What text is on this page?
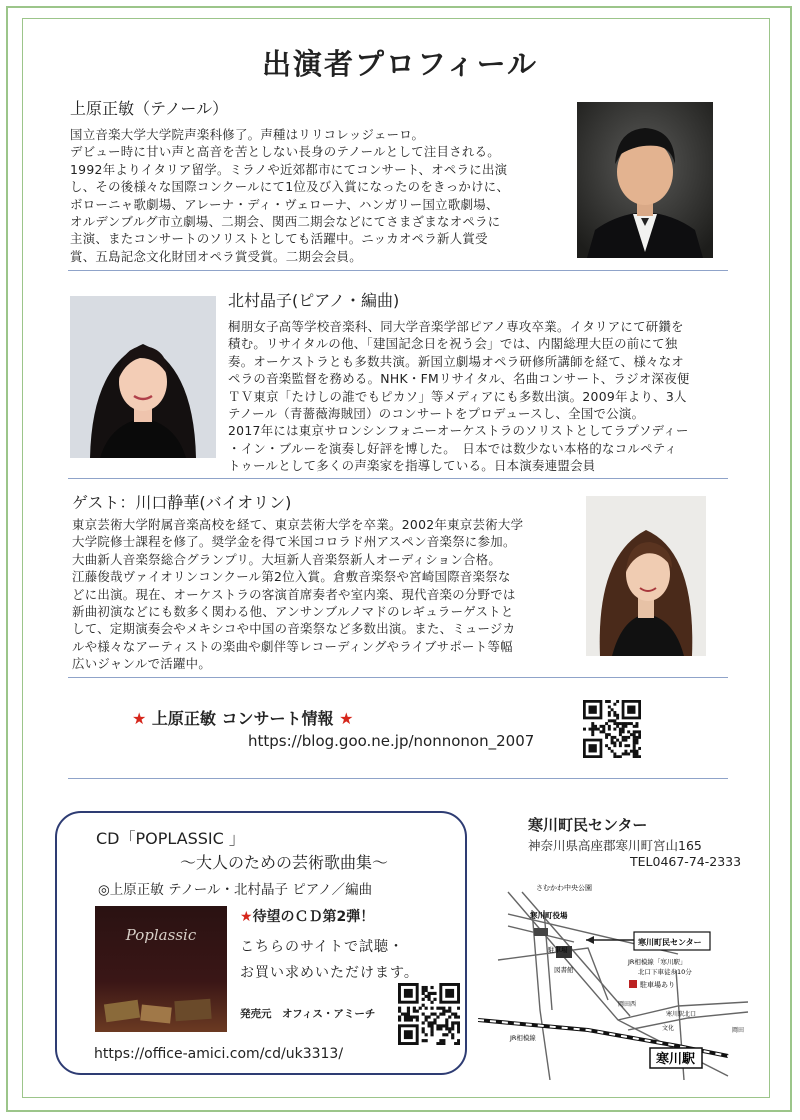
出演者プロフィール
上原正敏（テノール）
国立音楽大学大学院声楽科修了。声種はリリコレッジェーロ。
デビュー時に甘い声と高音を苦としない長身のテノールとして注目される。
1992年よりイタリア留学。ミラノや近郊都市にてコンサート、オペラに出演
し、その後様々な国際コンクールにて1位及び入賞になったのをきっかけに、
ボローニャ歌劇場、アレーナ・ディ・ヴェローナ、ハンガリー国立歌劇場、
オルデンブルグ市立劇場、二期会、関西二期会などにてさまざまなオペラに
主演、またコンサートのソリストとしても活躍中。ニッカオペラ新人賞受
賞、五島記念文化財団オペラ賞受賞。二期会会員。
北村晶子(ピアノ・編曲)
桐朋女子高等学校音楽科、同大学音楽学部ピアノ専攻卒業。イタリアにて研鑽を
積む。リサイタルの他、「建国記念日を祝う会」では、内閣総理大臣の前にて独
奏。オーケストラとも多数共演。新国立劇場オペラ研修所講師を経て、様々なオ
ペラの音楽監督を務める。NHK・FMリサイタル、名曲コンサート、ラジオ深夜便
ＴＶ東京「たけしの誰でもピカソ」等メディアにも多数出演。2009年より、3人
テノール（青薔薇海賊団）のコンサートをプロデュースし、全国で公演。
2017年には東京サロンシンフォニーオーケストラのソリストとしてラプソディー
・イン・ブルーを演奏し好評を博した。　日本では数少ない本格的なコルペティ
トゥールとして多くの声楽家を指導している。日本演奏連盟会員
ゲスト：川口静華(バイオリン)
東京芸術大学附属音楽高校を経て、東京芸術大学を卒業。2002年東京芸術大学
大学院修士課程を修了。奨学金を得て米国コロラド州アスペン音楽祭に参加。
大曲新人音楽祭総合グランプリ。大垣新人音楽祭新人オーディション合格。
江藤俊哉ヴァイオリンコンクール第2位入賞。倉敷音楽祭や宮崎国際音楽祭な
どに出演。現在、オーケストラの客演首席奏者や室内楽、現代音楽の分野では
新曲初演などにも数多く関わる他、アンサンブルノマドのレギュラーゲストと
して、定期演奏会やメキシコや中国の音楽祭など多数出演。また、ミュージカ
ルや様々なアーティストの楽曲や劇伴等レコーディングやライブサポート等幅
広いジャンルで活躍中。
★ 上原正敏 コンサート情報 ★
https://blog.goo.ne.jp/nonnonon_2007
CD「POPLASSIC 」
～大人のための芸術歌曲集～
◎上原正敏 テノール・北村晶子 ピアノ／編曲
Poplassic
★待望のＣＤ第2弾！
こちらのサイトで試聴・
お買い求めいただけます。
発売元　オフィス・アミーチ
https://office-amici.com/cd/uk3313/
寒川町民センター
神奈川県高座郡寒川町宮山165
TEL0467-74-2333
寒川町民センター
さむかわ中央公園
寒川町役場
駐車場
図書館
JR相模線「寒川駅」
北口下車徒歩10分
駐車場あり
岡田西
寒川駅北口
文化	岡田
JR相模線
寒川駅
